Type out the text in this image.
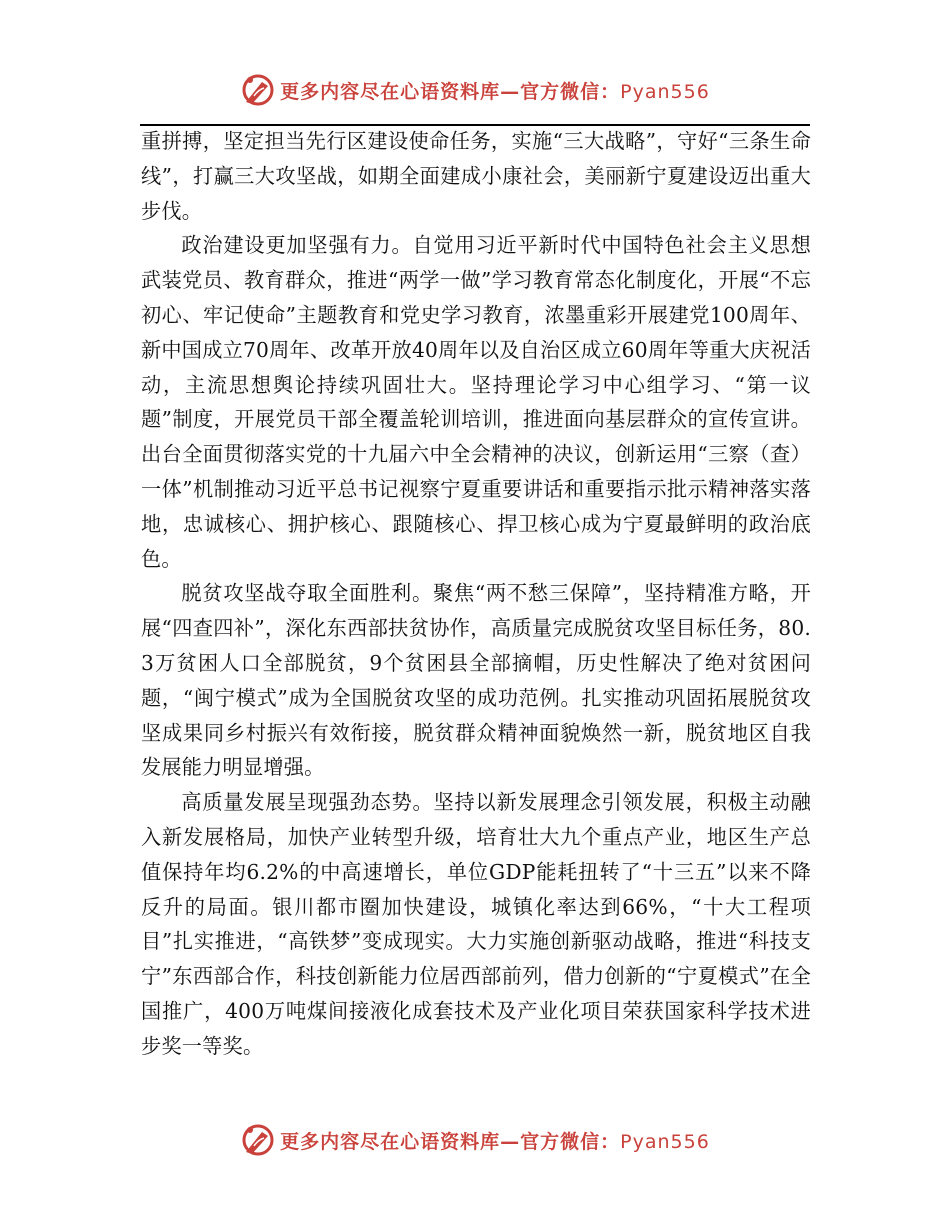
更多内容尽在心语资料库—官方微信：Pyan556

重拼搏，坚定担当先行区建设使命任务，实施“三大战略”，守好“三条生命线”，打赢三大攻坚战，如期全面建成小康社会，美丽新宁夏建设迈出重大步伐。

政治建设更加坚强有力。自觉用习近平新时代中国特色社会主义思想武装党员、教育群众，推进“两学一做”学习教育常态化制度化，开展“不忘初心、牢记使命”主题教育和党史学习教育，浓墨重彩开展建党100周年、新中国成立70周年、改革开放40周年以及自治区成立60周年等重大庆祝活动，主流思想舆论持续巩固壮大。坚持理论学习中心组学习、“第一议题”制度，开展党员干部全覆盖轮训培训，推进面向基层群众的宣传宣讲。出台全面贯彻落实党的十九届六中全会精神的决议，创新运用“三察（查）一体”机制推动习近平总书记视察宁夏重要讲话和重要指示批示精神落实落地，忠诚核心、拥护核心、跟随核心、捍卫核心成为宁夏最鲜明的政治底色。

脱贫攻坚战夺取全面胜利。聚焦“两不愁三保障”，坚持精准方略，开展“四查四补”，深化东西部扶贫协作，高质量完成脱贫攻坚目标任务，80.3万贫困人口全部脱贫，9个贫困县全部摘帽，历史性解决了绝对贫困问题，“闽宁模式”成为全国脱贫攻坚的成功范例。扎实推动巩固拓展脱贫攻坚成果同乡村振兴有效衔接，脱贫群众精神面貌焕然一新，脱贫地区自我发展能力明显增强。

高质量发展呈现强劲态势。坚持以新发展理念引领发展，积极主动融入新发展格局，加快产业转型升级，培育壮大九个重点产业，地区生产总值保持年均6.2%的中高速增长，单位GDP能耗扭转了“十三五”以来不降反升的局面。银川都市圈加快建设，城镇化率达到66%，“十大工程项目”扎实推进，“高铁梦”变成现实。大力实施创新驱动战略，推进“科技支宁”东西部合作，科技创新能力位居西部前列，借力创新的“宁夏模式”在全国推广，400万吨煤间接液化成套技术及产业化项目荣获国家科学技术进步奖一等奖。

更多内容尽在心语资料库—官方微信：Pyan556
